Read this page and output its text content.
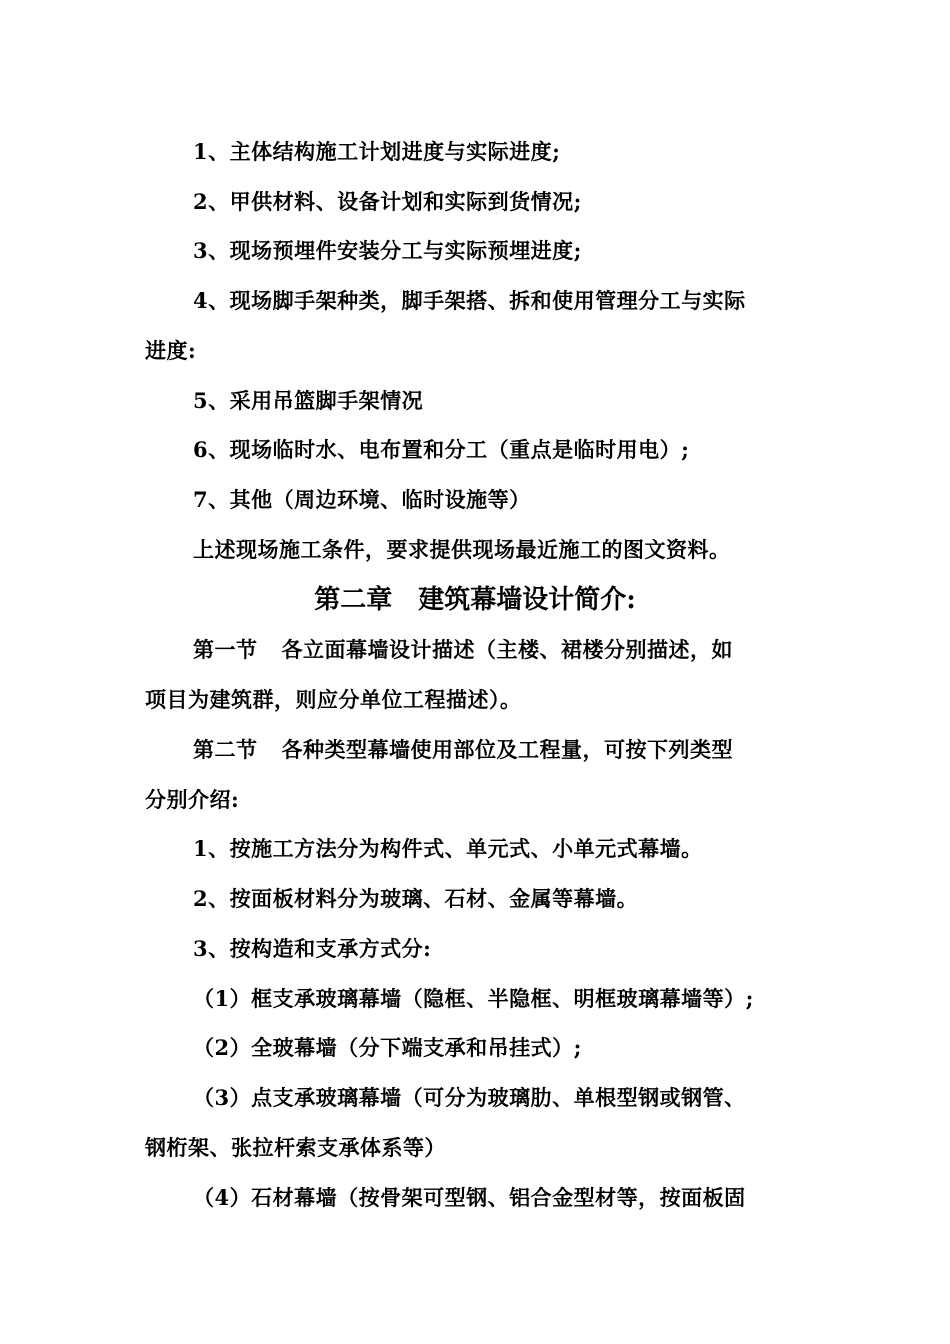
1、主体结构施工计划进度与实际进度;
2、甲供材料、设备计划和实际到货情况;
3、现场预埋件安装分工与实际预埋进度;
4、现场脚手架种类，脚手架搭、拆和使用管理分工与实际
进度:
5、采用吊篮脚手架情况
6、现场临时水、电布置和分工（重点是临时用电）;
7、其他（周边环境、临时设施等）
上述现场施工条件，要求提供现场最近施工的图文资料。
第二章 建筑幕墙设计简介:
第一节 各立面幕墙设计描述（主楼、裙楼分别描述，如
项目为建筑群，则应分单位工程描述）。
第二节 各种类型幕墙使用部位及工程量，可按下列类型
分别介绍:
1、按施工方法分为构件式、单元式、小单元式幕墙。
2、按面板材料分为玻璃、石材、金属等幕墙。
3、按构造和支承方式分:
（1）框支承玻璃幕墙（隐框、半隐框、明框玻璃幕墙等）;
（2）全玻幕墙（分下端支承和吊挂式）;
（3）点支承玻璃幕墙（可分为玻璃肋、单根型钢或钢管、
钢桁架、张拉杆索支承体系等）
（4）石材幕墙（按骨架可型钢、铝合金型材等，按面板固
